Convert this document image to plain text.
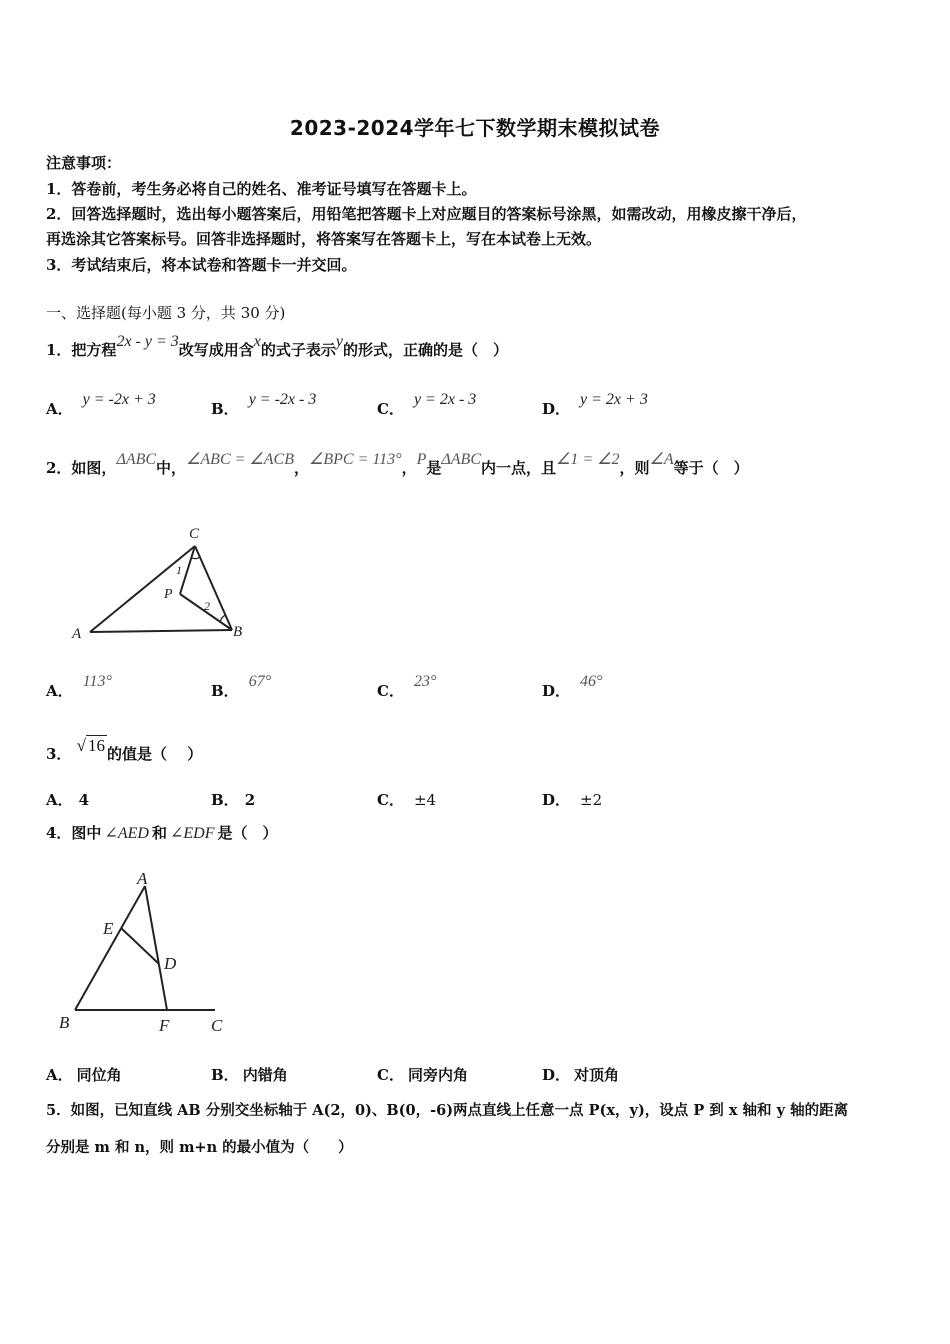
2023-2024学年七下数学期末模拟试卷
注意事项：
1．答卷前，考生务必将自己的姓名、准考证号填写在答题卡上。
2．回答选择题时，选出每小题答案后，用铅笔把答题卡上对应题目的答案标号涂黑，如需改动，用橡皮擦干净后，
再选涂其它答案标号。回答非选择题时，将答案写在答题卡上，写在本试卷上无效。
3．考试结束后，将本试卷和答题卡一并交回。
一、选择题(每小题 3 分，共 30 分)
1．把方程2x - y = 3改写成用含x的式子表示y的形式，正确的是（　）
A．y = -2x + 3
B．y = -2x - 3
C．y = 2x - 3
D．y = 2x + 3
2．如图，ΔABC中，∠ABC = ∠ACB，∠BPC = 113°，P是ΔABC内一点，且∠1 = ∠2，则∠A等于（　）
C
A	B
P
1
2
A．113°
B．67°
C．23°
D．46°
3． √ 16 的值是（　 ）
A． 4	B． 2	C． ±4	D． ±2
4．图中 ∠AED 和 ∠EDF 是（　）
A
E
D
B	F C
A． 同位角	B． 内错角	C． 同旁内角	D． 对顶角
5．如图，已知直线 AB 分别交坐标轴于 A(2，0)、B(0，-6)两点直线上任意一点 P(x，y)，设点 P 到 x 轴和 y 轴的距离
分别是 m 和 n，则 m+n 的最小值为（　　）
